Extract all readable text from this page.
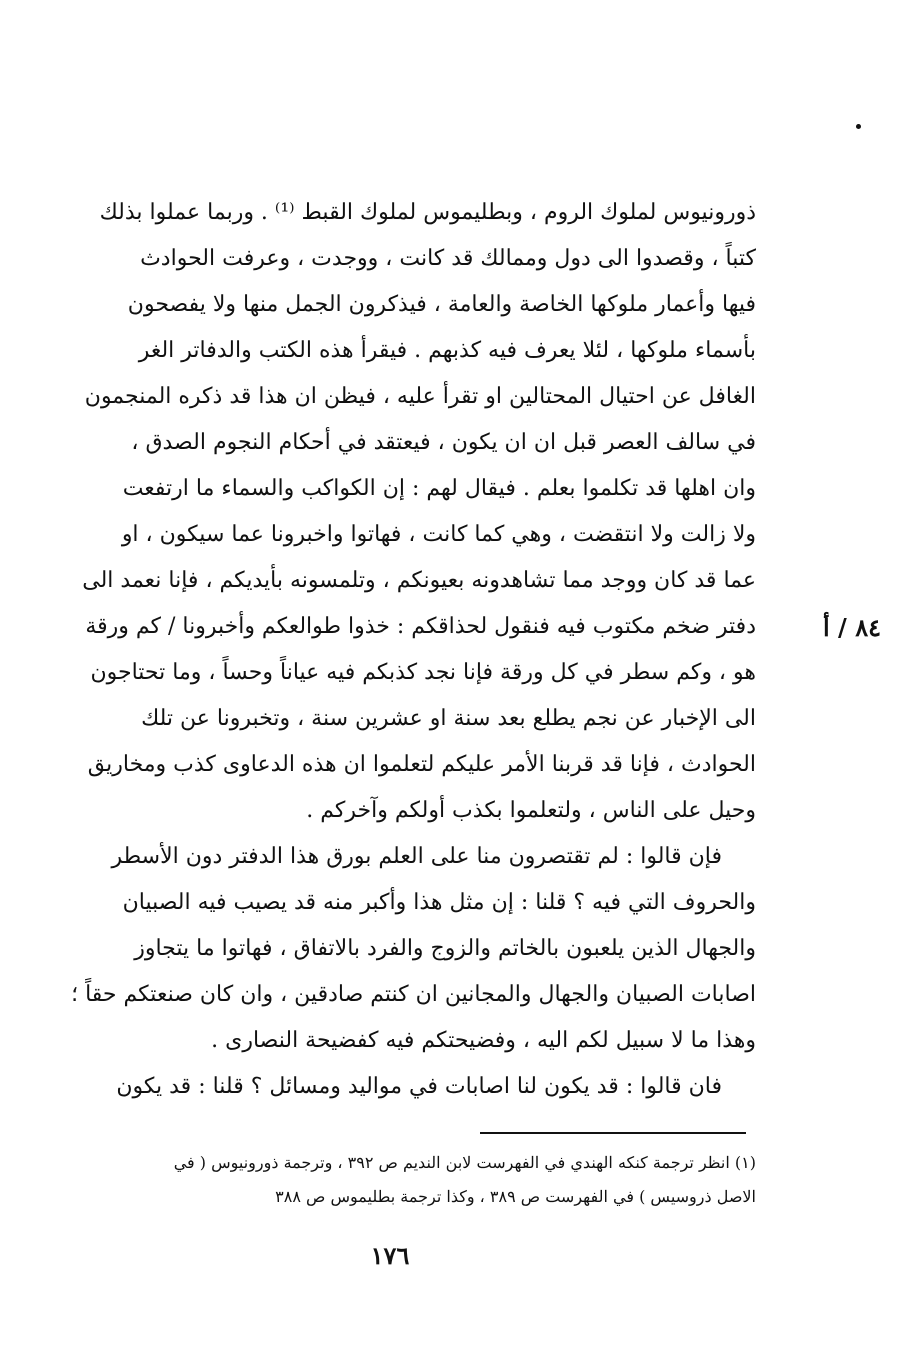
ذورونيوس لملوك الروم ، وبطليموس لملوك القبط ⁽¹⁾ . وربما عملوا بذلك
كتباً ، وقصدوا الى دول وممالك قد كانت ، ووجدت ، وعرفت الحوادث
فيها وأعمار ملوكها الخاصة والعامة ، فيذكرون الجمل منها ولا يفصحون
بأسماء ملوكها ، لئلا يعرف فيه كذبهم . فيقرأ هذه الكتب والدفاتر الغر
الغافل عن احتيال المحتالين او تقرأ عليه ، فيظن ان هذا قد ذكره المنجمون
في سالف العصر قبل ان ان يكون ، فيعتقد في أحكام النجوم الصدق ،
وان اهلها قد تكلموا بعلم . فيقال لهم : إن الكواكب والسماء ما ارتفعت
ولا زالت ولا انتقضت ، وهي كما كانت ، فهاتوا واخبرونا عما سيكون ، او
عما قد كان ووجد مما تشاهدونه بعيونكم ، وتلمسونه بأيديكم ، فإنا نعمد الى
دفتر ضخم مكتوب فيه فنقول لحذاقكم : خذوا طوالعكم وأخبرونا / كم ورقة
هو ، وكم سطر في كل ورقة فإنا نجد كذبكم فيه عياناً وحساً ، وما تحتاجون
الى الإخبار عن نجم يطلع بعد سنة او عشرين سنة ، وتخبرونا عن تلك
الحوادث ، فإنا قد قربنا الأمر عليكم لتعلموا ان هذه الدعاوى كذب ومخاريق
وحيل على الناس ، ولتعلموا بكذب أولكم وآخركم .
فإن قالوا : لم تقتصرون منا على العلم بورق هذا الدفتر دون الأسطر
والحروف التي فيه ؟ قلنا : إن مثل هذا وأكبر منه قد يصيب فيه الصبيان
والجهال الذين يلعبون بالخاتم والزوج والفرد بالاتفاق ، فهاتوا ما يتجاوز
اصابات الصبيان والجهال والمجانين ان كنتم صادقين ، وان كان صنعتكم حقاً ؛
وهذا ما لا سبيل لكم اليه ، وفضيحتكم فيه كفضيحة النصارى .
فان قالوا : قد يكون لنا اصابات في مواليد ومسائل ؟ قلنا : قد يكون
٨٤ / أ
(١) انظر ترجمة كنكه الهندي في الفهرست لابن النديم ص ٣٩٢ ، وترجمة ذورونيوس ( في
الاصل ذروسيس ) في الفهرست ص ٣٨٩ ، وكذا ترجمة بطليموس ص ٣٨٨
١٧٦
